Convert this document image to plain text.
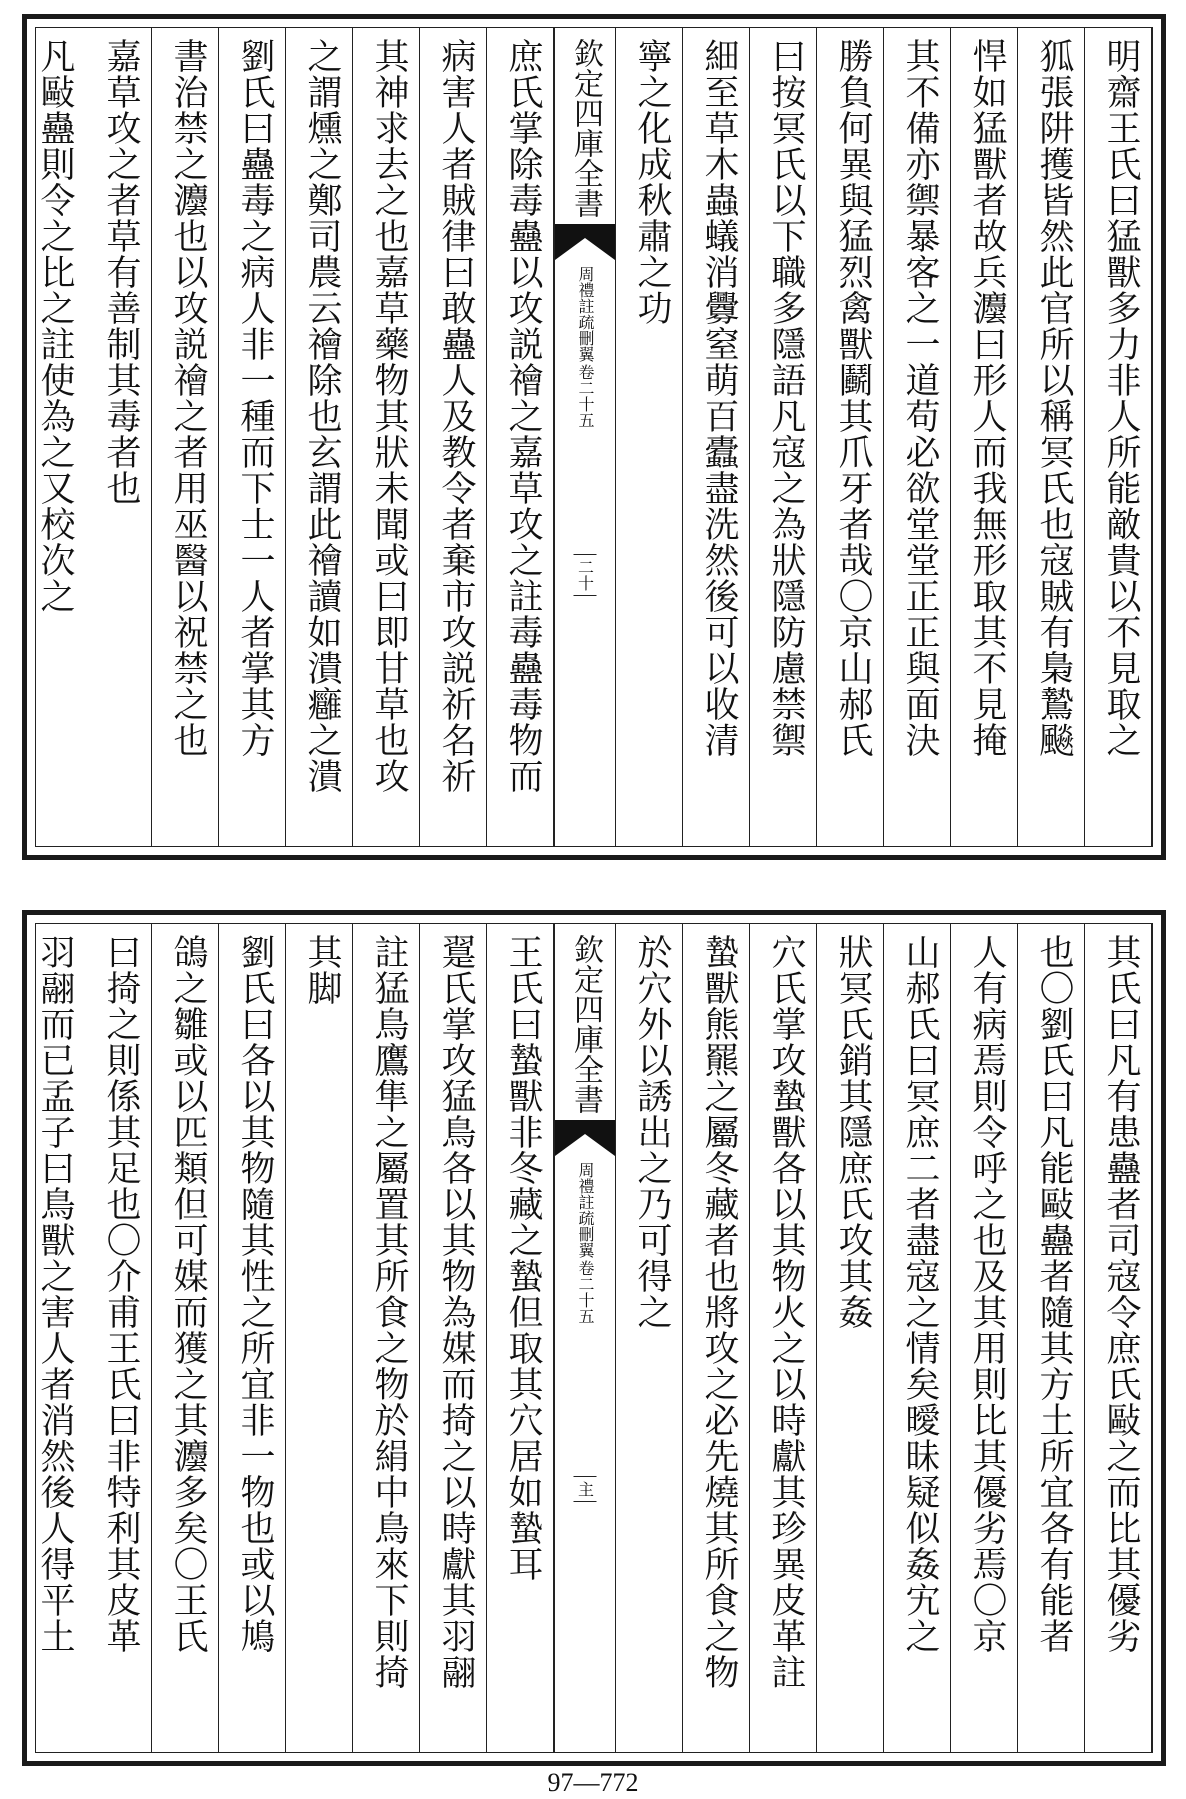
明齋王氏曰猛獸多力非人所能敵貴以不見取之
狐張阱擭皆然此官所以稱冥氏也寇賊有梟鷙飈
悍如猛獸者故兵灋曰形人而我無形取其不見掩
其不備亦禦暴客之一道苟必欲堂堂正正與面決
勝負何異與猛烈禽獸鬬其爪牙者哉〇京山郝氏
曰按冥氏以下職多隱語凡寇之為狀隱防慮禁禦
細至草木蟲蟻消釁窒萌百蠹盡洗然後可以收清
寧之化成秋肅之功
欽定四庫全書
周禮註疏刪翼
卷二十五
二十
庶氏掌除毒蠱以攻説禬之嘉草攻之註毒蠱毒物而
病害人者賊律曰敢蠱人及教令者棄市攻説祈名祈
其神求去之也嘉草藥物其狀未聞或曰即甘草也攻
之謂燻之鄭司農云禬除也玄謂此禬讀如潰癰之潰
劉氏曰蠱毒之病人非一種而下士一人者掌其方
書治禁之灋也以攻説禬之者用巫醫以祝禁之也
嘉草攻之者草有善制其毒者也
凡敺蠱則令之比之註使為之又校次之
其氏曰凡有患蠱者司寇令庶氏敺之而比其優劣
也〇劉氏曰凡能敺蠱者隨其方土所宜各有能者
人有病焉則令呼之也及其用則比其優劣焉〇京
山郝氏曰冥庶二者盡寇之情矣曖昧疑似姦宄之
狀冥氏銷其隱庶氏攻其姦
穴氏掌攻蟄獸各以其物火之以時獻其珍異皮革註
蟄獸熊羆之屬冬藏者也將攻之必先燒其所食之物
於穴外以誘出之乃可得之
欽定四庫全書
周禮註疏刪翼
卷二十五
主
王氏曰蟄獸非冬藏之蟄但取其穴居如蟄耳
翨氏掌攻猛鳥各以其物為媒而掎之以時獻其羽翮
註猛鳥鷹隼之屬置其所食之物於絹中鳥來下則掎
其脚
劉氏曰各以其物隨其性之所宜非一物也或以鳩
鴿之雛或以匹類但可媒而獲之其灋多矣〇王氏
曰掎之則係其足也〇介甫王氏曰非特利其皮革
羽翮而已孟子曰鳥獸之害人者消然後人得平土
97—772
